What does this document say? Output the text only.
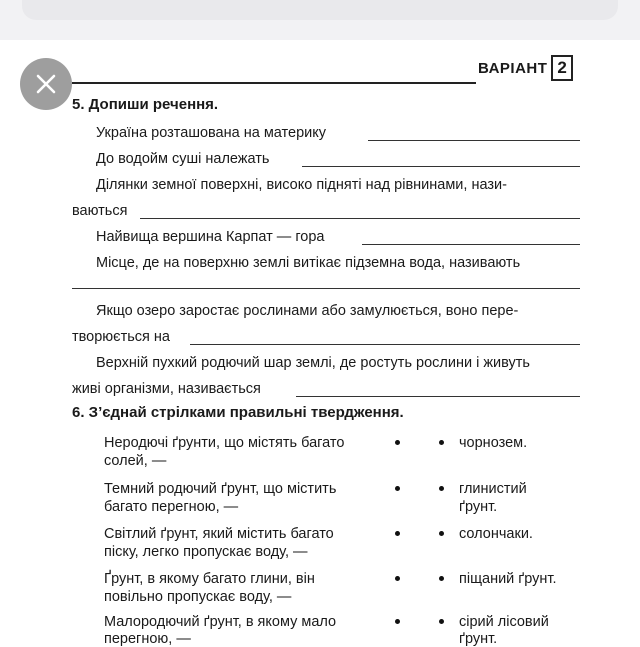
ВАРІАНТ 2
5. Допиши речення.
Україна розташована на материку
До водойм суші належать
Ділянки земної поверхні, високо підняті над рівнинами, нази-
ваються
Найвища вершина Карпат — гора
Місце, де на поверхню землі витікає підземна вода, називають
Якщо озеро заростає рослинами або замулюється, воно пере-
творюється на
Верхній пухкий родючий шар землі, де ростуть рослини і живуть
живі організми, називається
6. З’єднай стрілками правильні твердження.
Неродючі ґрунти, що містять багато
солей, —
чорнозем.
Темний родючий ґрунт, що містить
багато перегною, —
глинистий
ґрунт.
Світлий ґрунт, який містить багато
піску, легко пропускає воду, —
солончаки.
Ґрунт, в якому багато глини, він
повільно пропускає воду, —
піщаний ґрунт.
Малородючий ґрунт, в якому мало
перегною, —
сірий лісовий
ґрунт.
